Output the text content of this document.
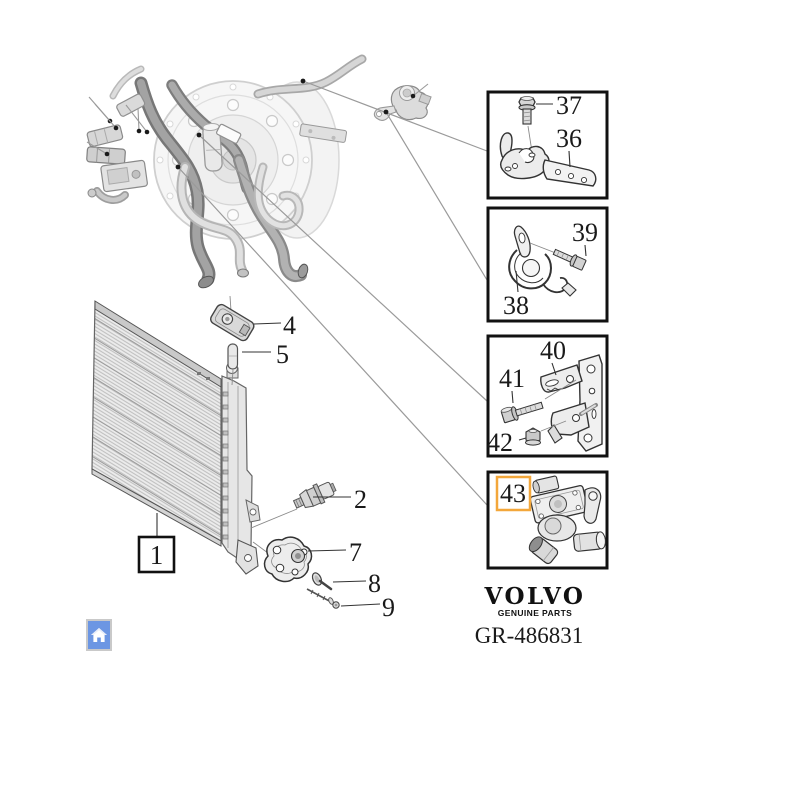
4
5
2
1	7
8
9
37
36
39
38
40
41
42
43
VOLVO
GENUINE PARTS
GR-486831
